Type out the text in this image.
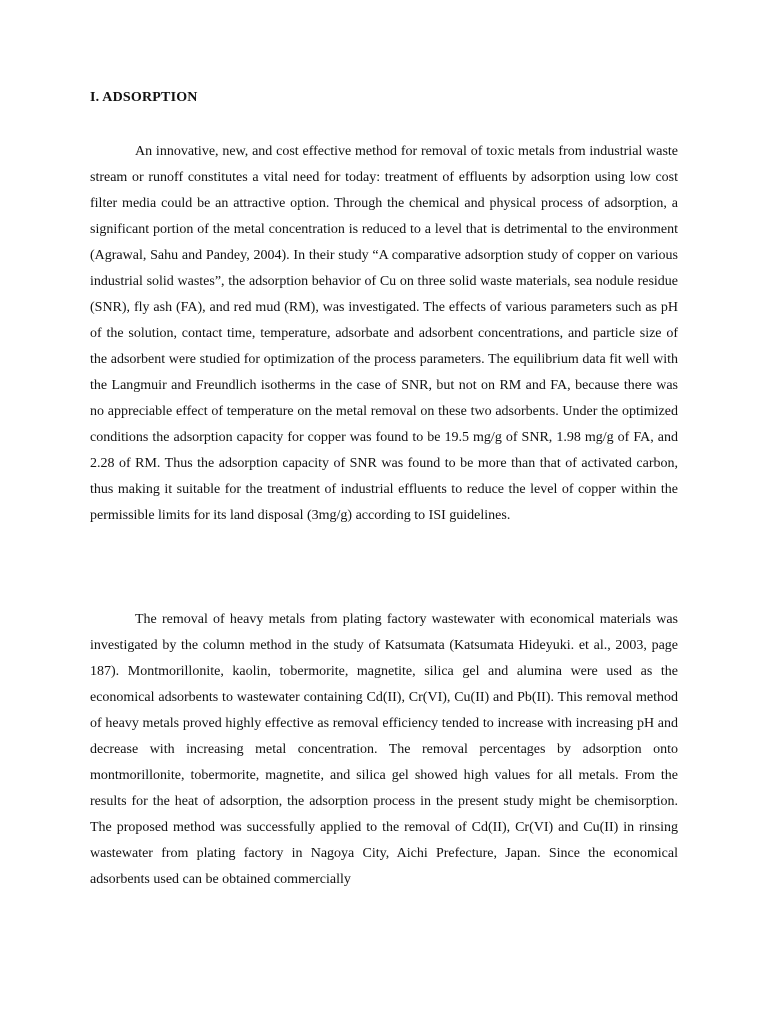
I. ADSORPTION

An innovative, new, and cost effective method for removal of toxic metals from industrial waste stream or runoff constitutes a vital need for today: treatment of effluents by adsorption using low cost filter media could be an attractive option. Through the chemical and physical process of adsorption, a significant portion of the metal concentration is reduced to a level that is detrimental to the environment (Agrawal, Sahu and Pandey, 2004). In their study “A comparative adsorption study of copper on various industrial solid wastes”, the adsorption behavior of Cu on three solid waste materials, sea nodule residue (SNR), fly ash (FA), and red mud (RM), was investigated. The effects of various parameters such as pH of the solution, contact time, temperature, adsorbate and adsorbent concentrations, and particle size of the adsorbent were studied for optimization of the process parameters. The equilibrium data fit well with the Langmuir and Freundlich isotherms in the case of SNR, but not on RM and FA, because there was no appreciable effect of temperature on the metal removal on these two adsorbents. Under the optimized conditions the adsorption capacity for copper was found to be 19.5 mg/g of SNR, 1.98 mg/g of FA, and 2.28 of RM. Thus the adsorption capacity of SNR was found to be more than that of activated carbon, thus making it suitable for the treatment of industrial effluents to reduce the level of copper within the permissible limits for its land disposal (3mg/g) according to ISI guidelines.

The removal of heavy metals from plating factory wastewater with economical materials was investigated by the column method in the study of Katsumata (Katsumata Hideyuki. et al., 2003, page 187). Montmorillonite, kaolin, tobermorite, magnetite, silica gel and alumina were used as the economical adsorbents to wastewater containing Cd(II), Cr(VI), Cu(II) and Pb(II). This removal method of heavy metals proved highly effective as removal efficiency tended to increase with increasing pH and decrease with increasing metal concentration. The removal percentages by adsorption onto montmorillonite, tobermorite, magnetite, and silica gel showed high values for all metals. From the results for the heat of adsorption, the adsorption process in the present study might be chemisorption. The proposed method was successfully applied to the removal of Cd(II), Cr(VI) and Cu(II) in rinsing wastewater from plating factory in Nagoya City, Aichi Prefecture, Japan. Since the economical adsorbents used can be obtained commercially
